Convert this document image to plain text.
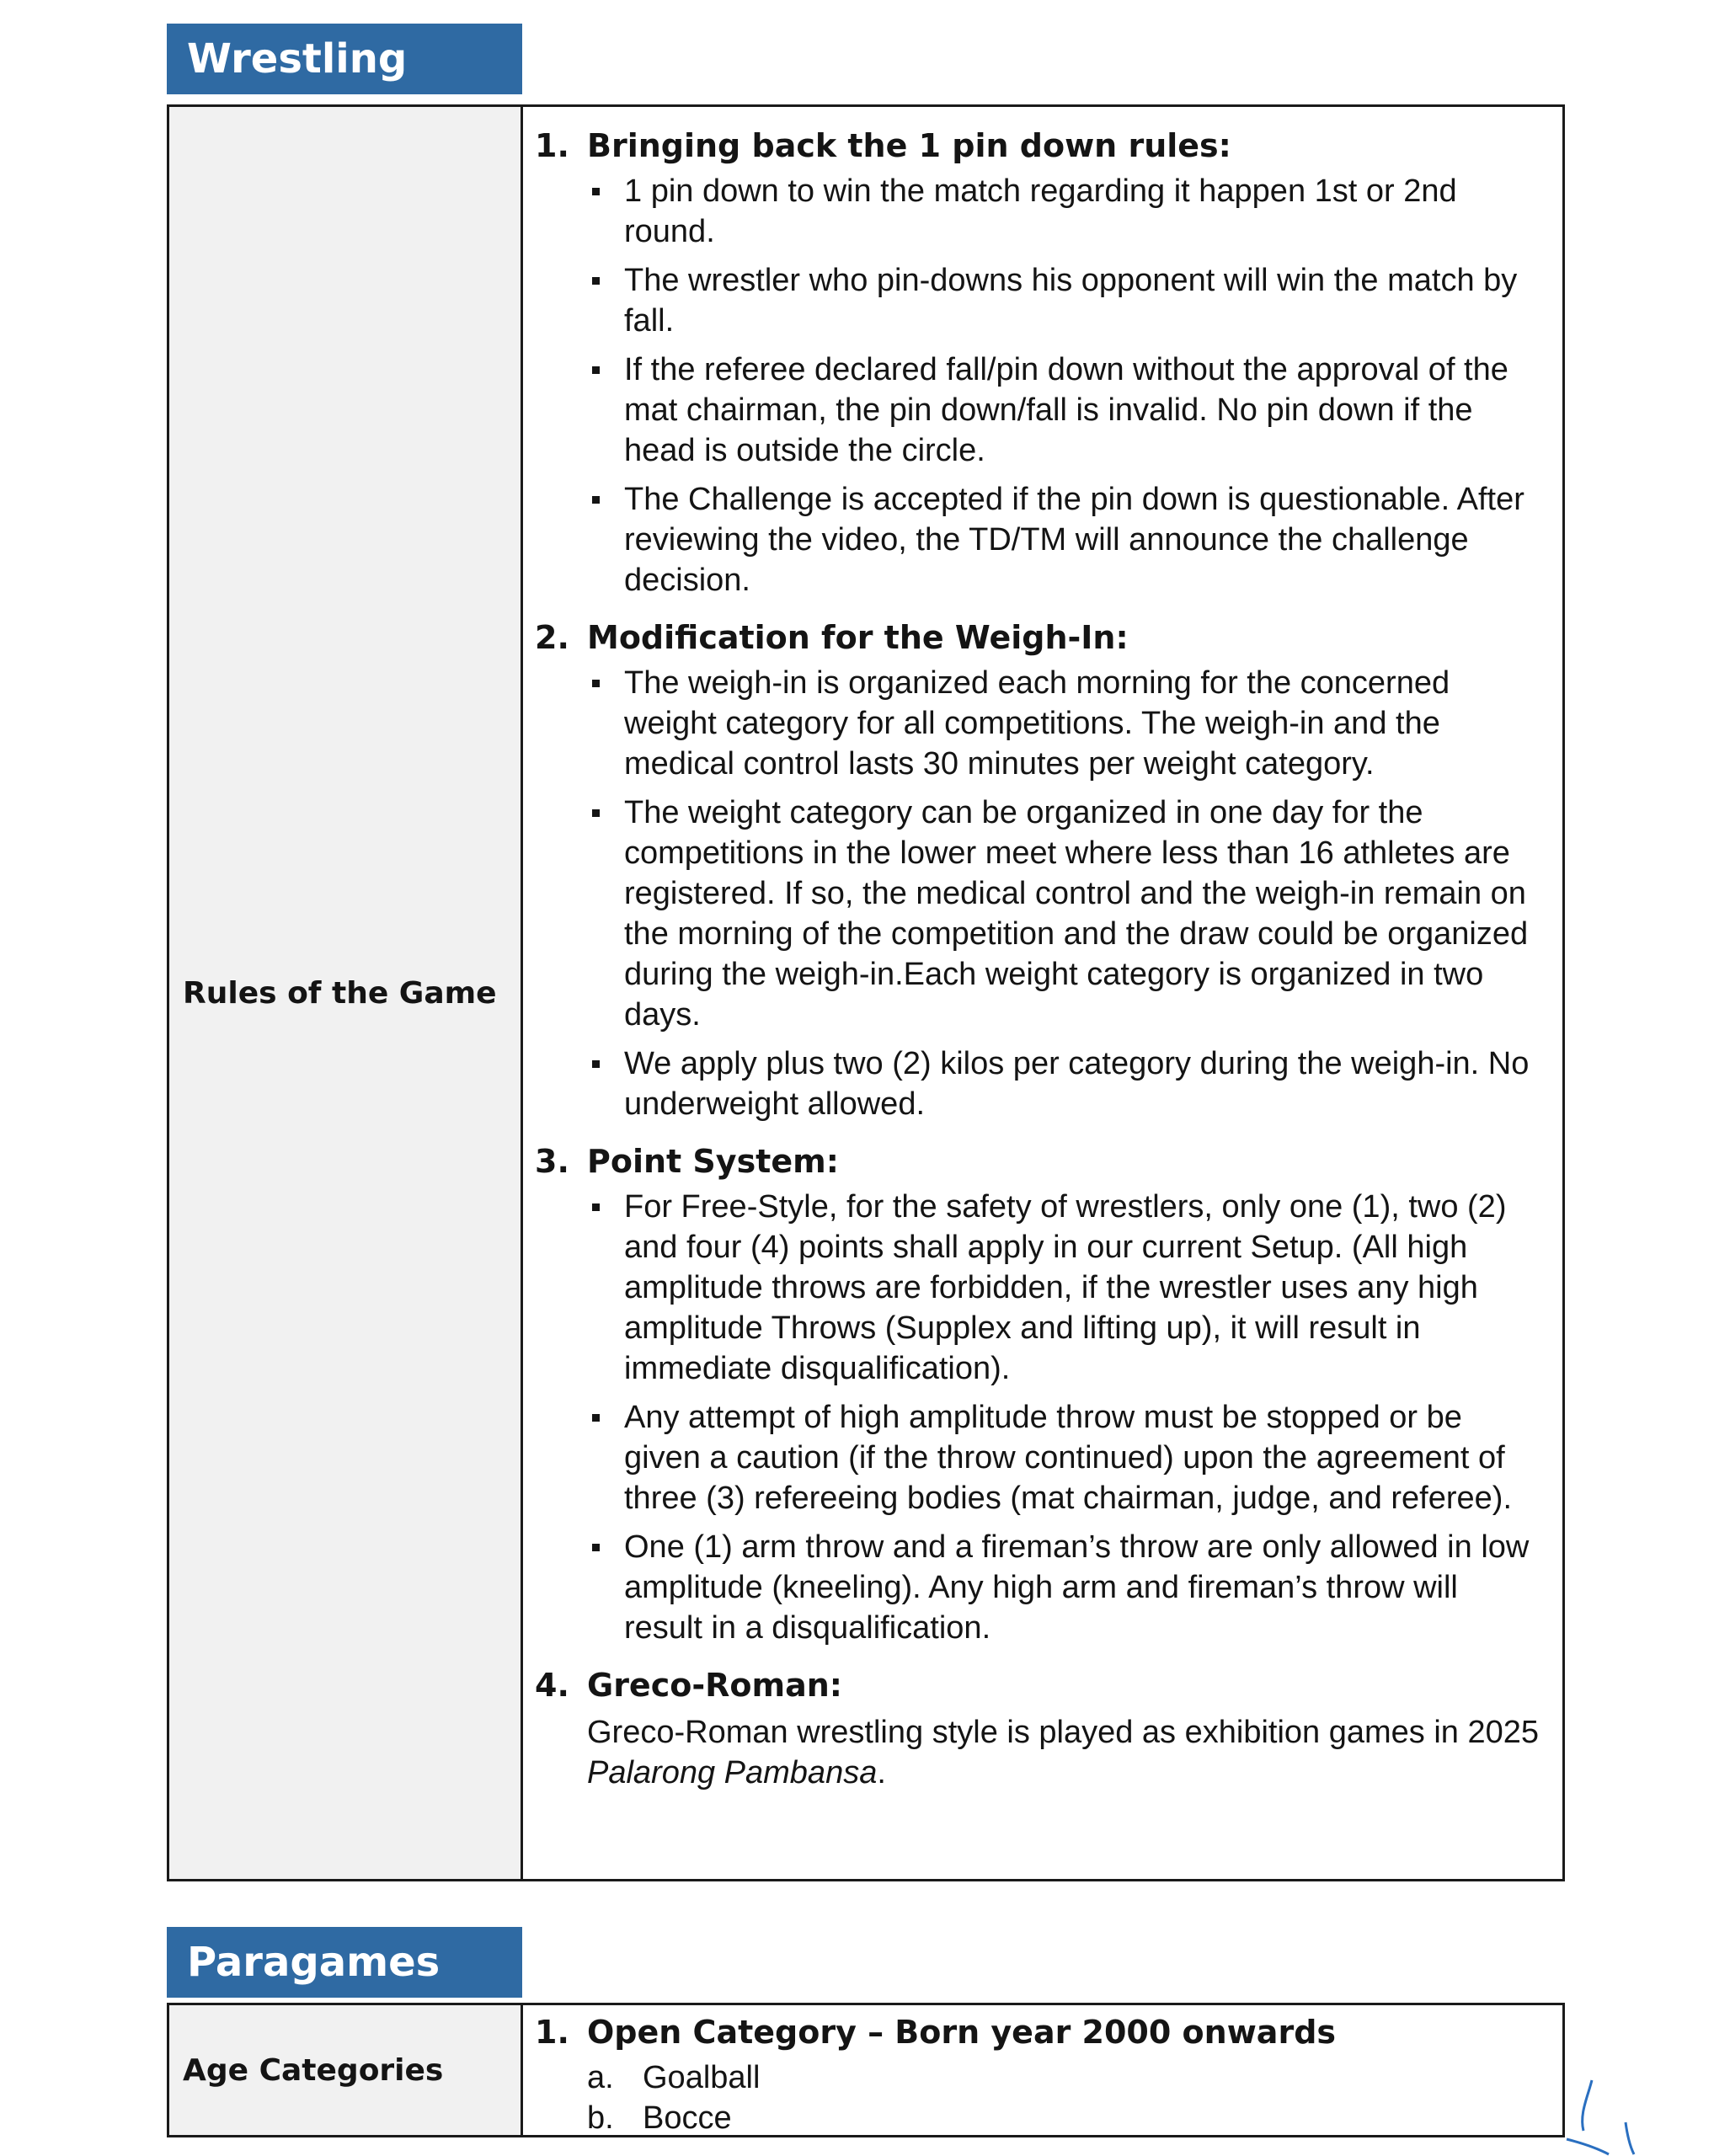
Wrestling
Rules of the Game
1. Bringing back the 1 pin down rules:
1 pin down to win the match regarding it happen 1st or 2nd round.
The wrestler who pin-downs his opponent will win the match by fall.
If the referee declared fall/pin down without the approval of the mat chairman, the pin down/fall is invalid. No pin down if the head is outside the circle.
The Challenge is accepted if the pin down is questionable. After reviewing the video, the TD/TM will announce the challenge decision.
2. Modification for the Weigh-In:
The weigh-in is organized each morning for the concerned weight category for all competitions. The weigh-in and the medical control lasts 30 minutes per weight category.
The weight category can be organized in one day for the competitions in the lower meet where less than 16 athletes are registered. If so, the medical control and the weigh-in remain on the morning of the competition and the draw could be organized during the weigh-in.Each weight category is organized in two days.
We apply plus two (2) kilos per category during the weigh-in. No underweight allowed.
3. Point System:
For Free-Style, for the safety of wrestlers, only one (1), two (2) and four (4) points shall apply in our current Setup. (All high amplitude throws are forbidden, if the wrestler uses any high amplitude Throws (Supplex and lifting up), it will result in immediate disqualification).
Any attempt of high amplitude throw must be stopped or be given a caution (if the throw continued) upon the agreement of three (3) refereeing bodies (mat chairman, judge, and referee).
One (1) arm throw and a fireman’s throw are only allowed in low amplitude (kneeling). Any high arm and fireman’s throw will result in a disqualification.
4. Greco-Roman:
Greco-Roman wrestling style is played as exhibition games in 2025 Palarong Pambansa.
Paragames
Age Categories
1. Open Category – Born year 2000 onwards
a. Goalball
b. Bocce
